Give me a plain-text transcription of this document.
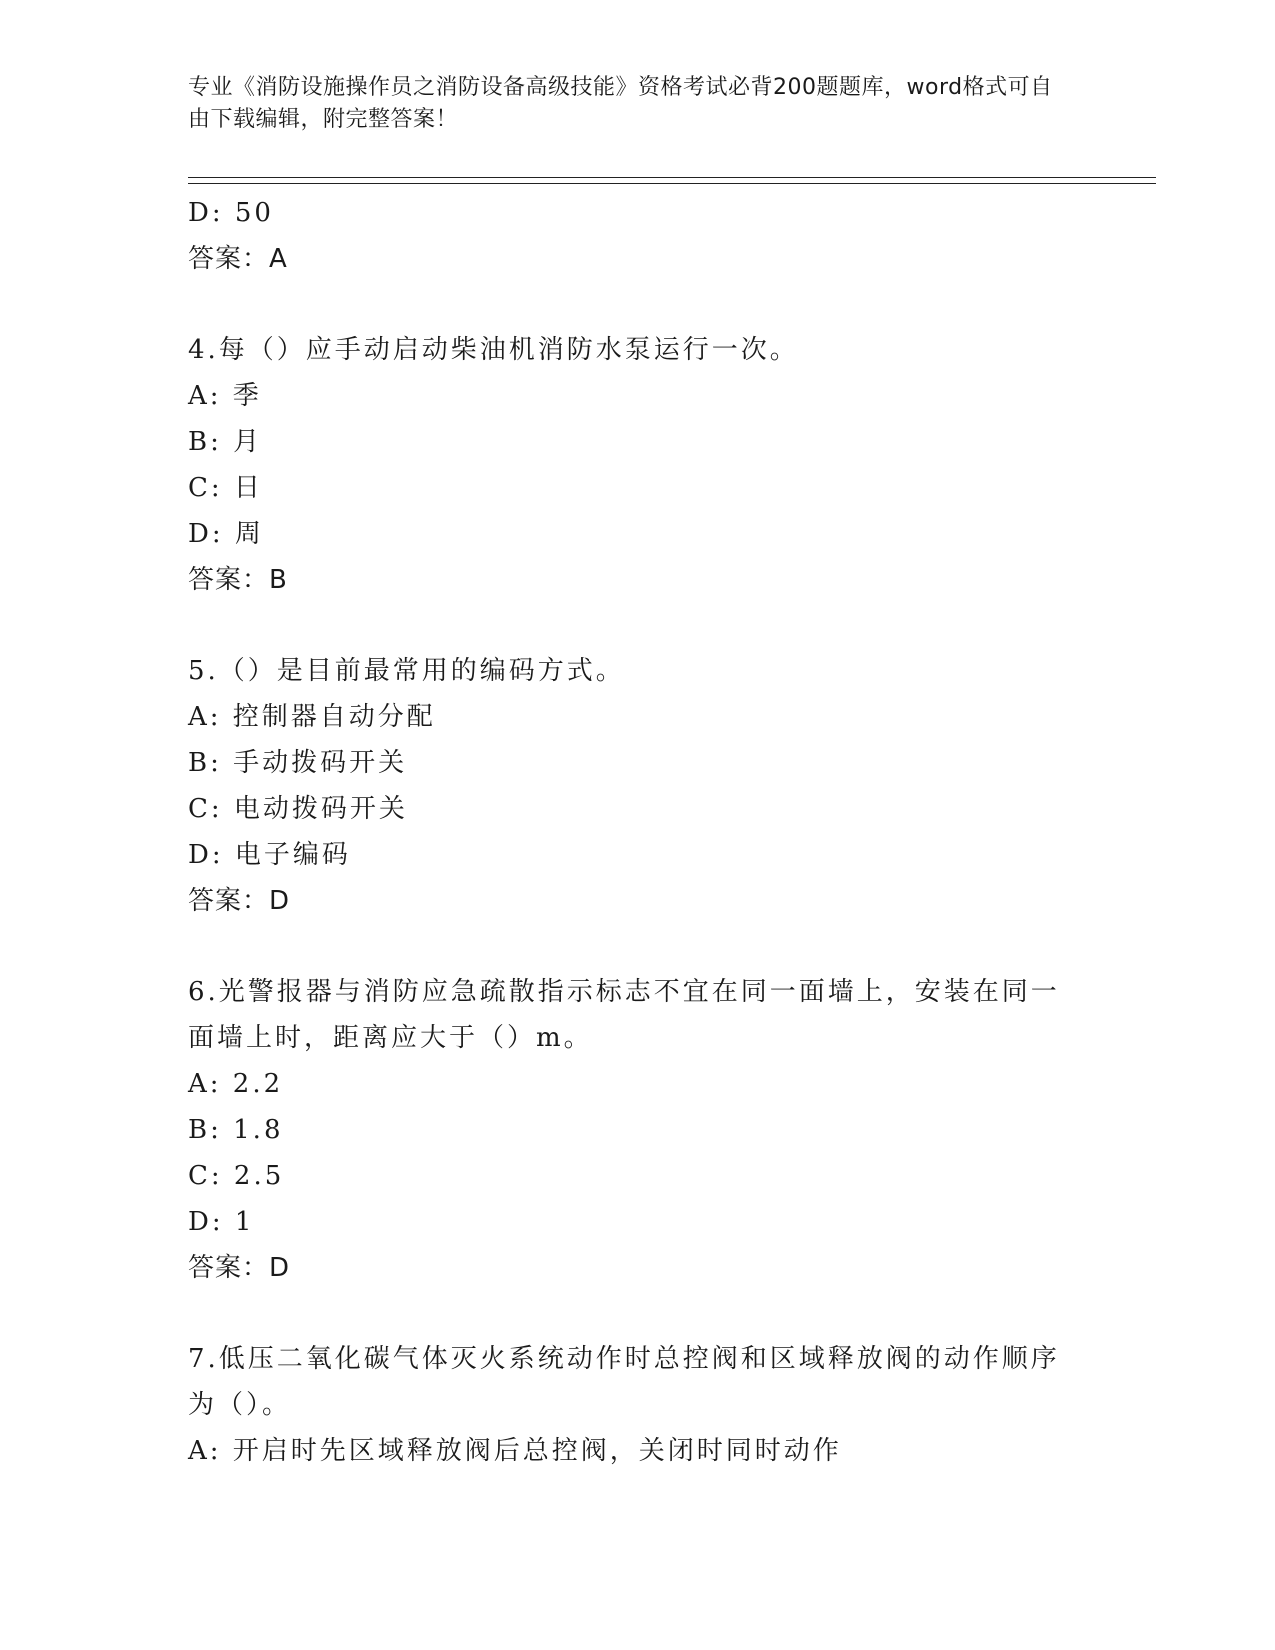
专业《消防设施操作员之消防设备高级技能》资格考试必背200题题库，word格式可自由下载编辑，附完整答案！
D: 50
答案：A
4.每（）应手动启动柴油机消防水泵运行一次。
A: 季
B: 月
C: 日
D: 周
答案：B
5.（）是目前最常用的编码方式。
A: 控制器自动分配
B: 手动拨码开关
C: 电动拨码开关
D: 电子编码
答案：D
6.光警报器与消防应急疏散指示标志不宜在同一面墙上，安装在同一面墙上时，距离应大于（）m。
A: 2.2
B: 1.8
C: 2.5
D: 1
答案：D
7.低压二氧化碳气体灭火系统动作时总控阀和区域释放阀的动作顺序为（）。
A: 开启时先区域释放阀后总控阀，关闭时同时动作
